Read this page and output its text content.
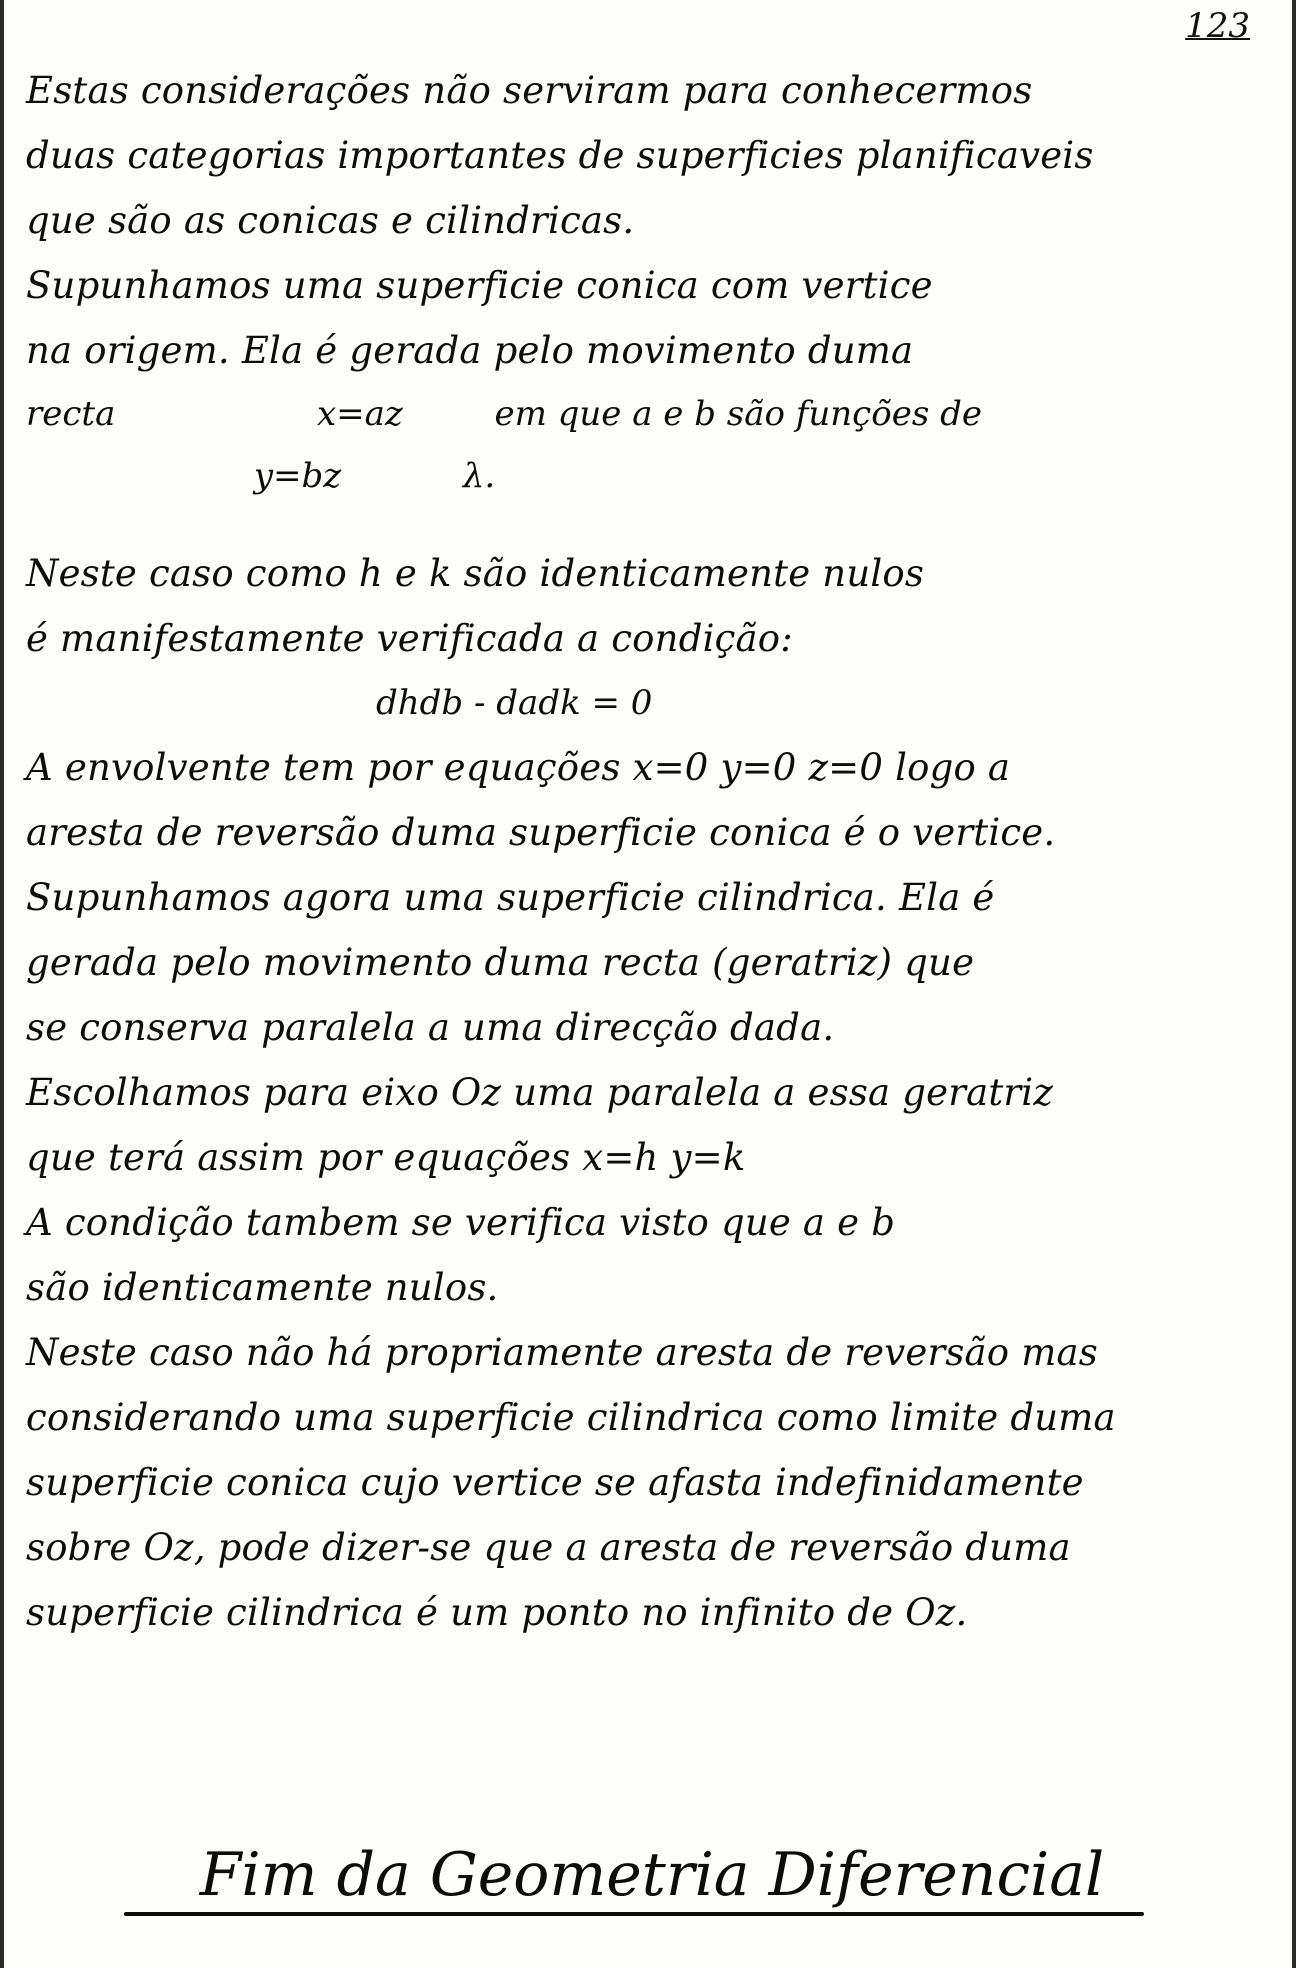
123
Estas considerações não serviram para conhecermos
duas categorias importantes de superficies planificaveis
que são as conicas e cilindricas.
Supunhamos uma superficie conica com vertice
na origem. Ela é gerada pelo movimento duma
recta	x=az	em que a e b são funções de
y=bz	λ.
Neste caso como h e k são identicamente nulos
é manifestamente verificada a condição:
dhdb - dadk = 0
A envolvente tem por equações x=0 y=0 z=0 logo a
aresta de reversão duma superficie conica é o vertice.
Supunhamos agora uma superficie cilindrica. Ela é
gerada pelo movimento duma recta (geratriz) que
se conserva paralela a uma direcção dada.
Escolhamos para eixo Oz uma paralela a essa geratriz
que terá assim por equações x=h y=k
A condição tambem se verifica visto que a e b
são identicamente nulos.
Neste caso não há propriamente aresta de reversão mas
considerando uma superficie cilindrica como limite duma
superficie conica cujo vertice se afasta indefinidamente
sobre Oz, pode dizer-se que a aresta de reversão duma
superficie cilindrica é um ponto no infinito de Oz.
Fim da Geometria Diferencial
